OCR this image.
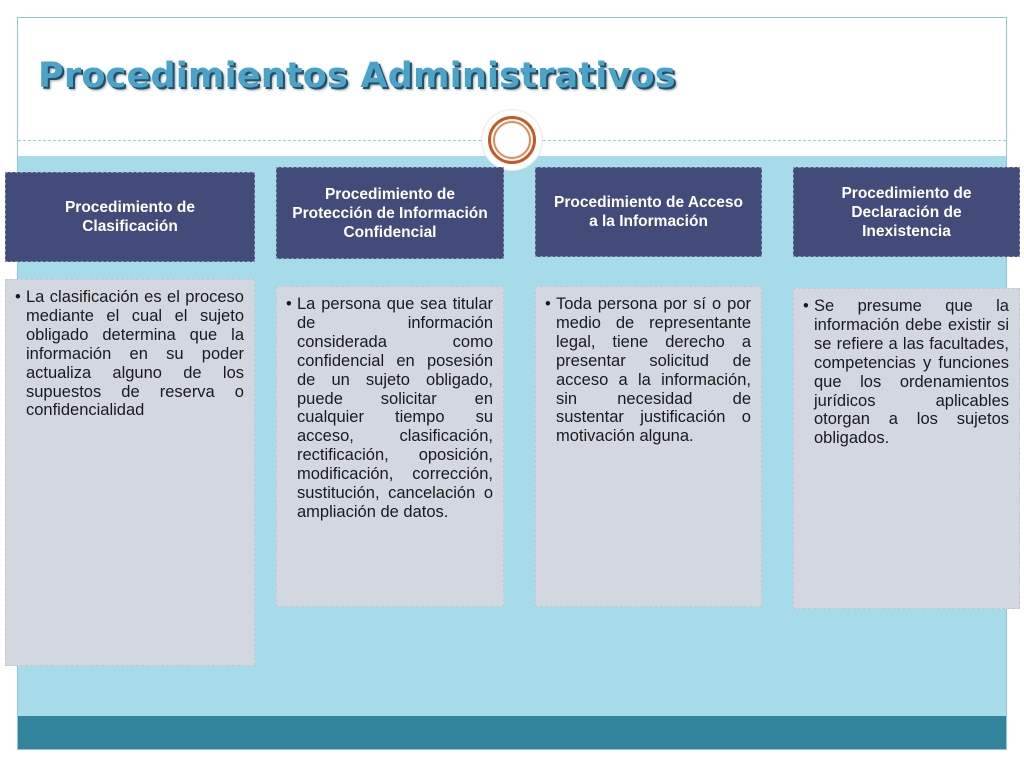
Procedimientos Administrativos
Procedimiento de Clasificación
• La clasificación es el proceso mediante el cual el sujeto obligado determina que la información en su poder actualiza alguno de los supuestos de reserva o confidencialidad
Procedimiento de Protección de Información Confidencial
• La persona que sea titular de información considerada como confidencial en posesión de un sujeto obligado, puede solicitar en cualquier tiempo su acceso, clasificación, rectificación, oposición, modificación, corrección, sustitución, cancelación o ampliación de datos.
Procedimiento de Acceso a la Información
• Toda persona por sí o por medio de representante legal, tiene derecho a presentar solicitud de acceso a la información, sin necesidad de sustentar justificación o motivación alguna.
Procedimiento de Declaración de Inexistencia
• Se presume que la información debe existir si se refiere a las facultades, competencias y funciones que los ordenamientos jurídicos aplicables otorgan a los sujetos obligados.
